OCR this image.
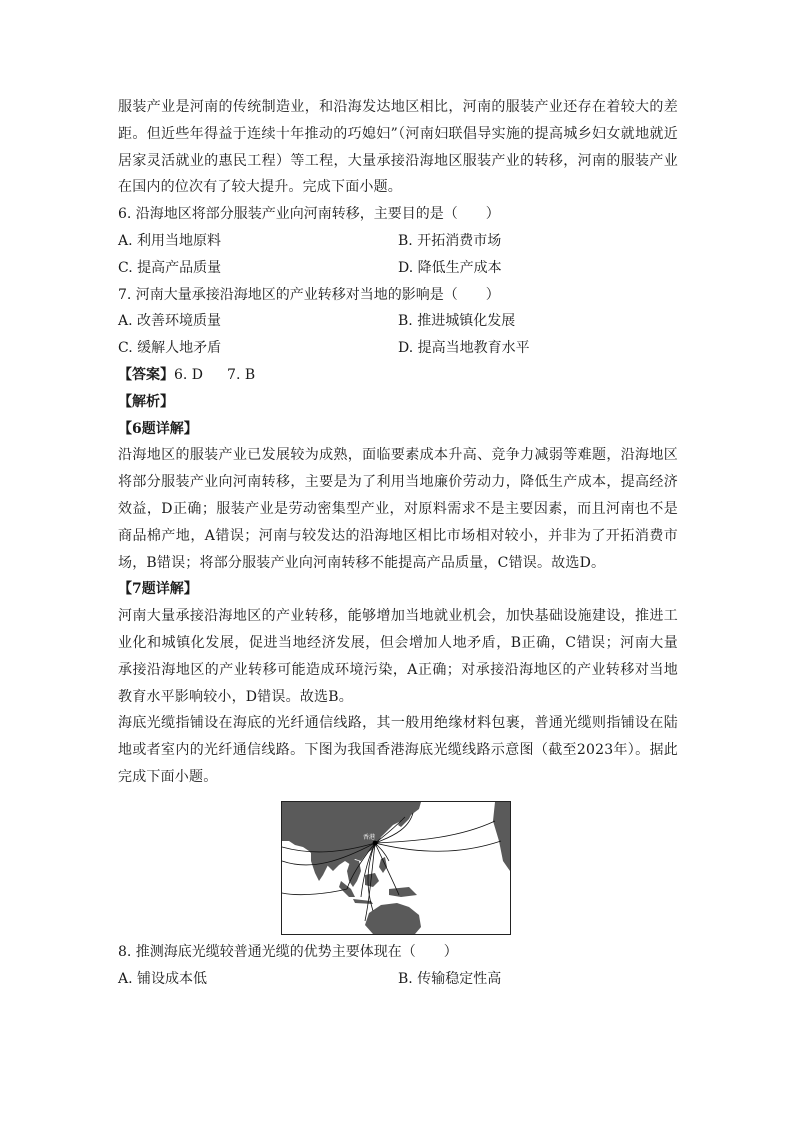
服装产业是河南的传统制造业，和沿海发达地区相比，河南的服装产业还存在着较大的差距。但近些年得益于连续十年推动的巧媳妇”（河南妇联倡导实施的提高城乡妇女就地就近居家灵活就业的惠民工程）等工程，大量承接沿海地区服装产业的转移，河南的服装产业在国内的位次有了较大提升。完成下面小题。

6. 沿海地区将部分服装产业向河南转移，主要目的是（　　）

A. 利用当地原料	B. 开拓消费市场
C. 提高产品质量	D. 降低生产成本

7. 河南大量承接沿海地区的产业转移对当地的影响是（　　）

A. 改善环境质量	B. 推进城镇化发展
C. 缓解人地矛盾	D. 提高当地教育水平

【答案】6. D 7. B

【解析】

【6题详解】

沿海地区的服装产业已发展较为成熟，面临要素成本升高、竞争力减弱等难题，沿海地区将部分服装产业向河南转移，主要是为了利用当地廉价劳动力，降低生产成本，提高经济效益，D正确；服装产业是劳动密集型产业，对原料需求不是主要因素，而且河南也不是商品棉产地，A错误；河南与较发达的沿海地区相比市场相对较小，并非为了开拓消费市场，B错误；将部分服装产业向河南转移不能提高产品质量，C错误。故选D。

【7题详解】

河南大量承接沿海地区的产业转移，能够增加当地就业机会，加快基础设施建设，推进工业化和城镇化发展，促进当地经济发展，但会增加人地矛盾，B正确，C错误；河南大量承接沿海地区的产业转移可能造成环境污染，A正确；对承接沿海地区的产业转移对当地教育水平影响较小，D错误。故选B。

海底光缆指铺设在海底的光纤通信线路，其一般用绝缘材料包裹，普通光缆则指铺设在陆地或者室内的光纤通信线路。下图为我国香港海底光缆线路示意图（截至2023年）。据此完成下面小题。

香港

8. 推测海底光缆较普通光缆的优势主要体现在（　　）

A. 铺设成本低	B. 传输稳定性高
